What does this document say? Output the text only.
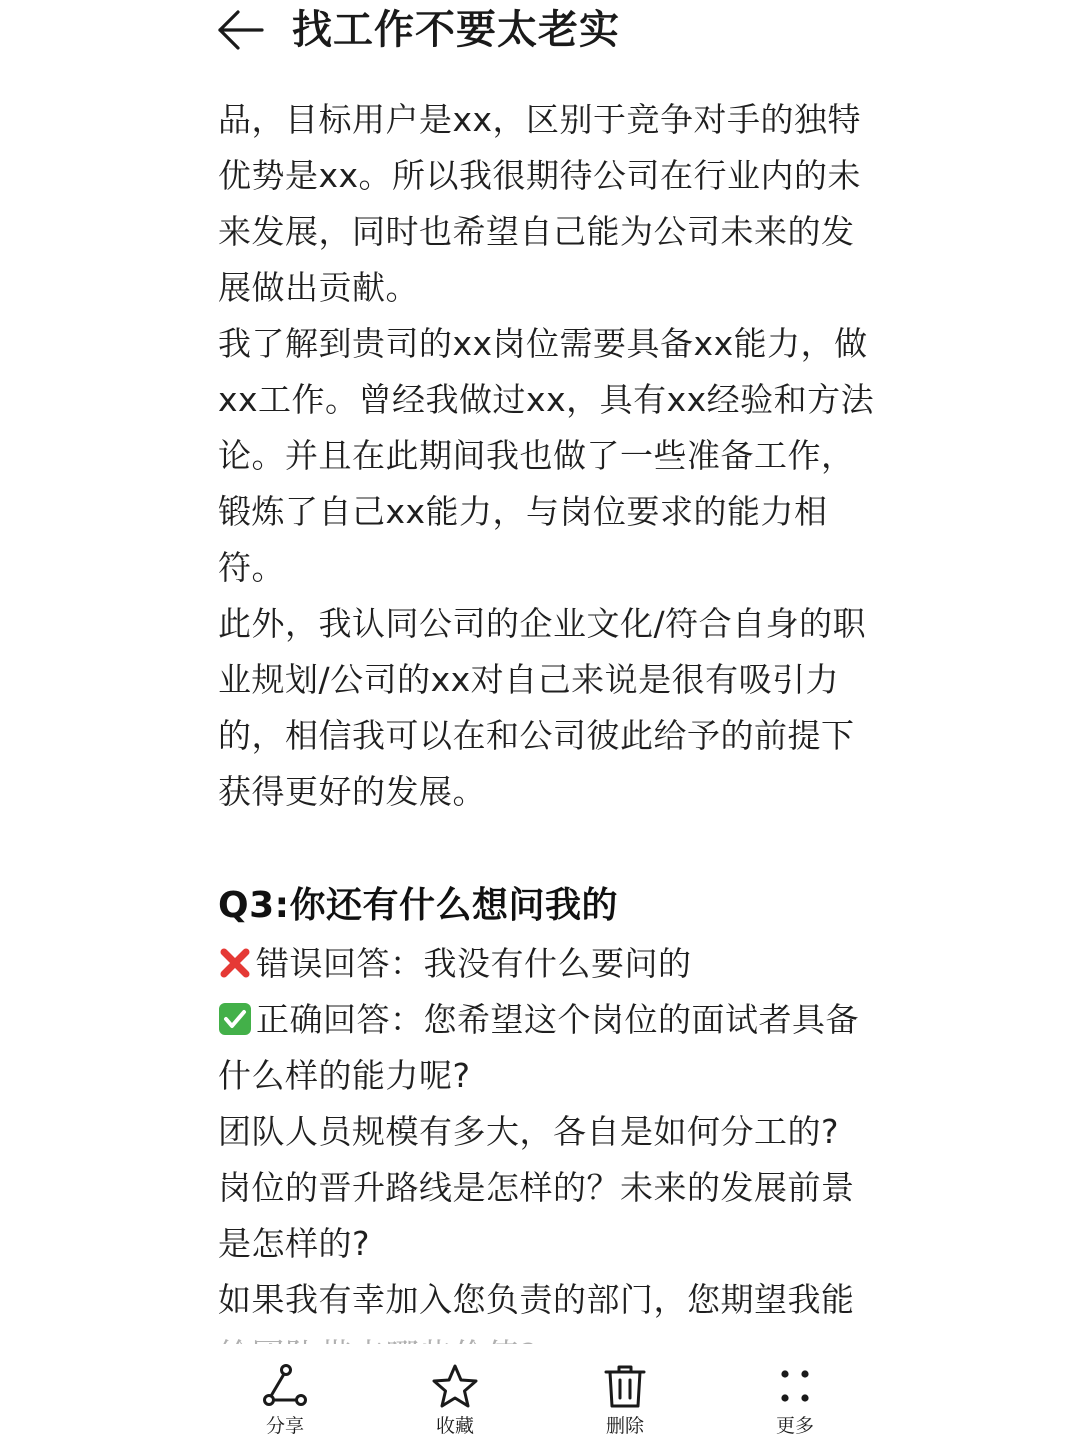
找工作不要太老实

品，目标用户是xx，区别于竞争对手的独特

优势是xx。所以我很期待公司在行业内的未

来发展，同时也希望自己能为公司未来的发

展做出贡献。

我了解到贵司的xx岗位需要具备xx能力，做

xx工作。曾经我做过xx，具有xx经验和方法

论。并且在此期间我也做了一些准备工作，

锻炼了自己xx能力，与岗位要求的能力相

符。

此外，我认同公司的企业文化/符合自身的职

业规划/公司的xx对自己来说是很有吸引力

的，相信我可以在和公司彼此给予的前提下

获得更好的发展。

Q3:你还有什么想问我的

错误回答：我没有什么要问的

正确回答：您希望这个岗位的面试者具备

什么样的能力呢?

团队人员规模有多大，各自是如何分工的?

岗位的晋升路线是怎样的？未来的发展前景

是怎样的?

如果我有幸加入您负责的部门，您期望我能

分享	收藏	删除	更多
